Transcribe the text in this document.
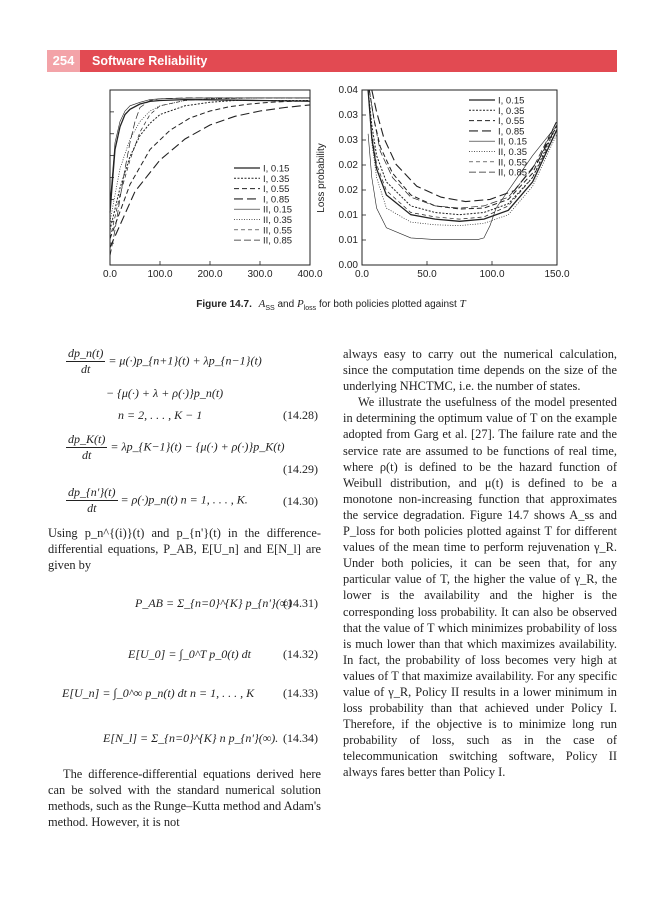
254	Software Reliability
0.0	100.0 200.0 300.0 400.0
I, 0.15
I, 0.35
I, 0.55
I, 0.85
II, 0.15
II, 0.35
II, 0.55
II, 0.85
0.0	50.0	100.0	150.0
0.00
0.01
0.01
0.02
0.02
0.03
0.03
0.04
I, 0.15
I, 0.35
I, 0.55
I, 0.85
II, 0.15
II, 0.35
II, 0.55
II, 0.85
Loss probability
Figure 14.7. $A_{SS}$ and $P_{loss}$ for both policies plotted against T
$\frac{dp\_n(t)}{dt}$ = μ(·)p_{n+1}(t) + λp_{n−1}(t)
− {μ(·) + λ + ρ(·)}p_n(t)
n = 2, . . . , K − 1	(14.28)
$\frac{dp\_K(t)}{dt}$ = λp_{K−1}(t) − {μ(·) + ρ(·)}p_K(t)
(14.29)
$\frac{dp\_\{n'\}(t)}{dt}$ = ρ(·)p_n(t) n = 1, . . . , K.	(14.30)

Using p_n^{(i)}(t) and p_{n'}(t) in the difference-differential equations, P_AB, E[U_n] and E[N_l] are given by

P_AB = Σ_{n=0}^{K} p_{n'}(∞)
(14.31)
E[U_0] = ∫_0^T p_0(t) dt	(14.32)
E[U_n] = ∫_0^∞ p_n(t) dt n = 1, . . . , K (14.33)
E[N_l] = Σ_{n=0}^{K} n p_{n'}(∞). (14.34)

The difference-differential equations derived here can be solved with the standard numerical solution methods, such as the Runge–Kutta method and Adam's method. However, it is not

always easy to carry out the numerical calculation, since the computation time depends on the size of the underlying NHCTMC, i.e. the number of states.

We illustrate the usefulness of the model presented in determining the optimum value of T on the example adopted from Garg et al. [27]. The failure rate and the service rate are assumed to be functions of real time, where ρ(t) is defined to be the hazard function of Weibull distribution, and μ(t) is defined to be a monotone non-increasing function that approximates the service degradation. Figure 14.7 shows A_ss and P_loss for both policies plotted against T for different values of the mean time to perform rejuvenation γ_R. Under both policies, it can be seen that, for any particular value of T, the higher the value of γ_R, the lower is the availability and the higher is the corresponding loss probability. It can also be observed that the value of T which minimizes probability of loss is much lower than that which maximizes availability. In fact, the probability of loss becomes very high at values of T that maximize availability. For any specific value of γ_R, Policy II results in a lower minimum in loss probability than that achieved under Policy I. Therefore, if the objective is to minimize long run probability of loss, such as in the case of telecommunication switching software, Policy II always fares better than Policy I.
